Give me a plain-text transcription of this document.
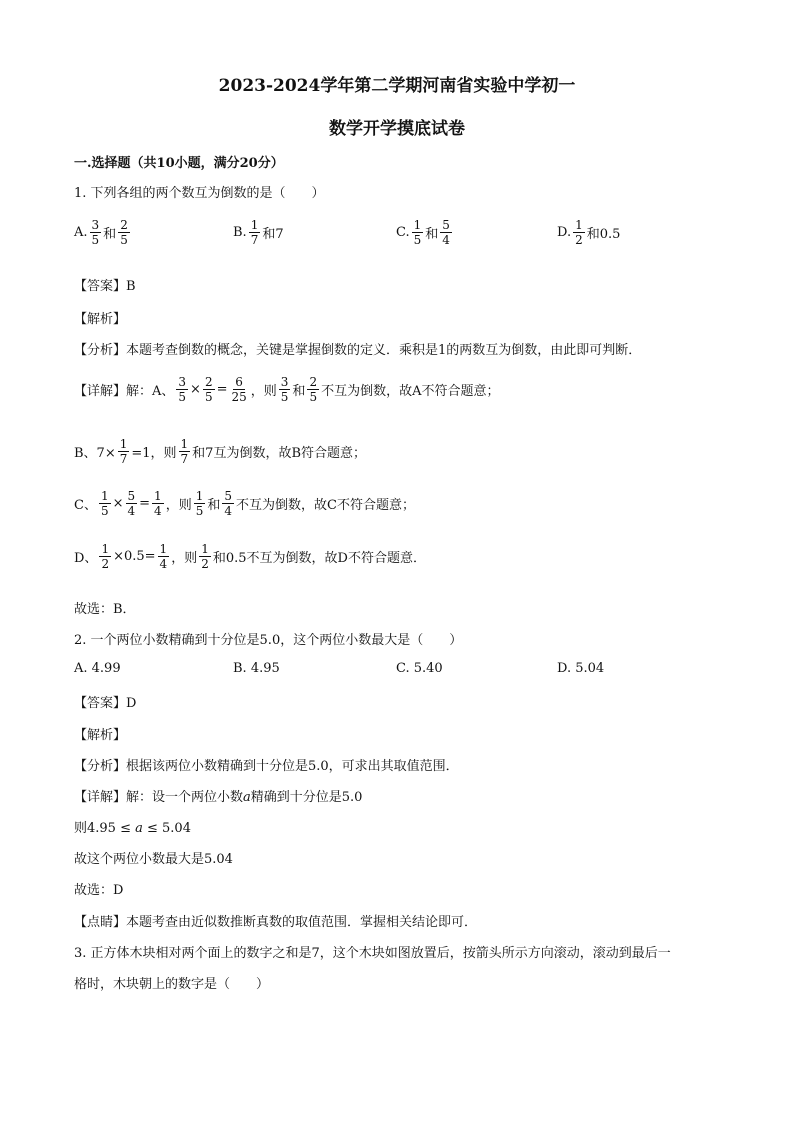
2023-2024学年第二学期河南省实验中学初一
数学开学摸底试卷
一.选择题（共10小题，满分20分）
1. 下列各组的两个数互为倒数的是（　　）
A. $\frac{3}{5}$ 和 $\frac{2}{5}$	B. $\frac{1}{7}$ 和7	C. $\frac{1}{5}$ 和 $\frac{5}{4}$	D. $\frac{1}{2}$ 和0.5
【答案】B
【解析】
【分析】本题考查倒数的概念，关键是掌握倒数的定义．乘积是1的两数互为倒数，由此即可判断．
【详解】解：A、 $\frac{3}{5} \times \frac{2}{5} = \frac{6}{25}$ ，则 $\frac{3}{5}$ 和 $\frac{2}{5}$ 不互为倒数，故A不符合题意；
B、$7\times \frac{1}{7} =1$，则 $\frac{1}{7}$ 和7互为倒数，故B符合题意；
C、 $\frac{1}{5} \times \frac{5}{4} = \frac{1}{4}$ ，则 $\frac{1}{5}$ 和 $\frac{5}{4}$ 不互为倒数，故C不符合题意；
D、 $\frac{1}{2} \times 0.5= \frac{1}{4}$ ，则 $\frac{1}{2}$ 和0.5不互为倒数，故D不符合题意．
故选：B．
2. 一个两位小数精确到十分位是5.0，这个两位小数最大是（　　）
A. 4.99	B. 4.95	C. 5.40	D. 5.04
【答案】D
【解析】
【分析】根据该两位小数精确到十分位是5.0，可求出其取值范围．
【详解】解：设一个两位小数a精确到十分位是5.0
则4.95 ≤ a ≤ 5.04
故这个两位小数最大是5.04
故选：D
【点睛】本题考查由近似数推断真数的取值范围．掌握相关结论即可．
3. 正方体木块相对两个面上的数字之和是7，这个木块如图放置后，按箭头所示方向滚动，滚动到最后一
格时，木块朝上的数字是（　　）
